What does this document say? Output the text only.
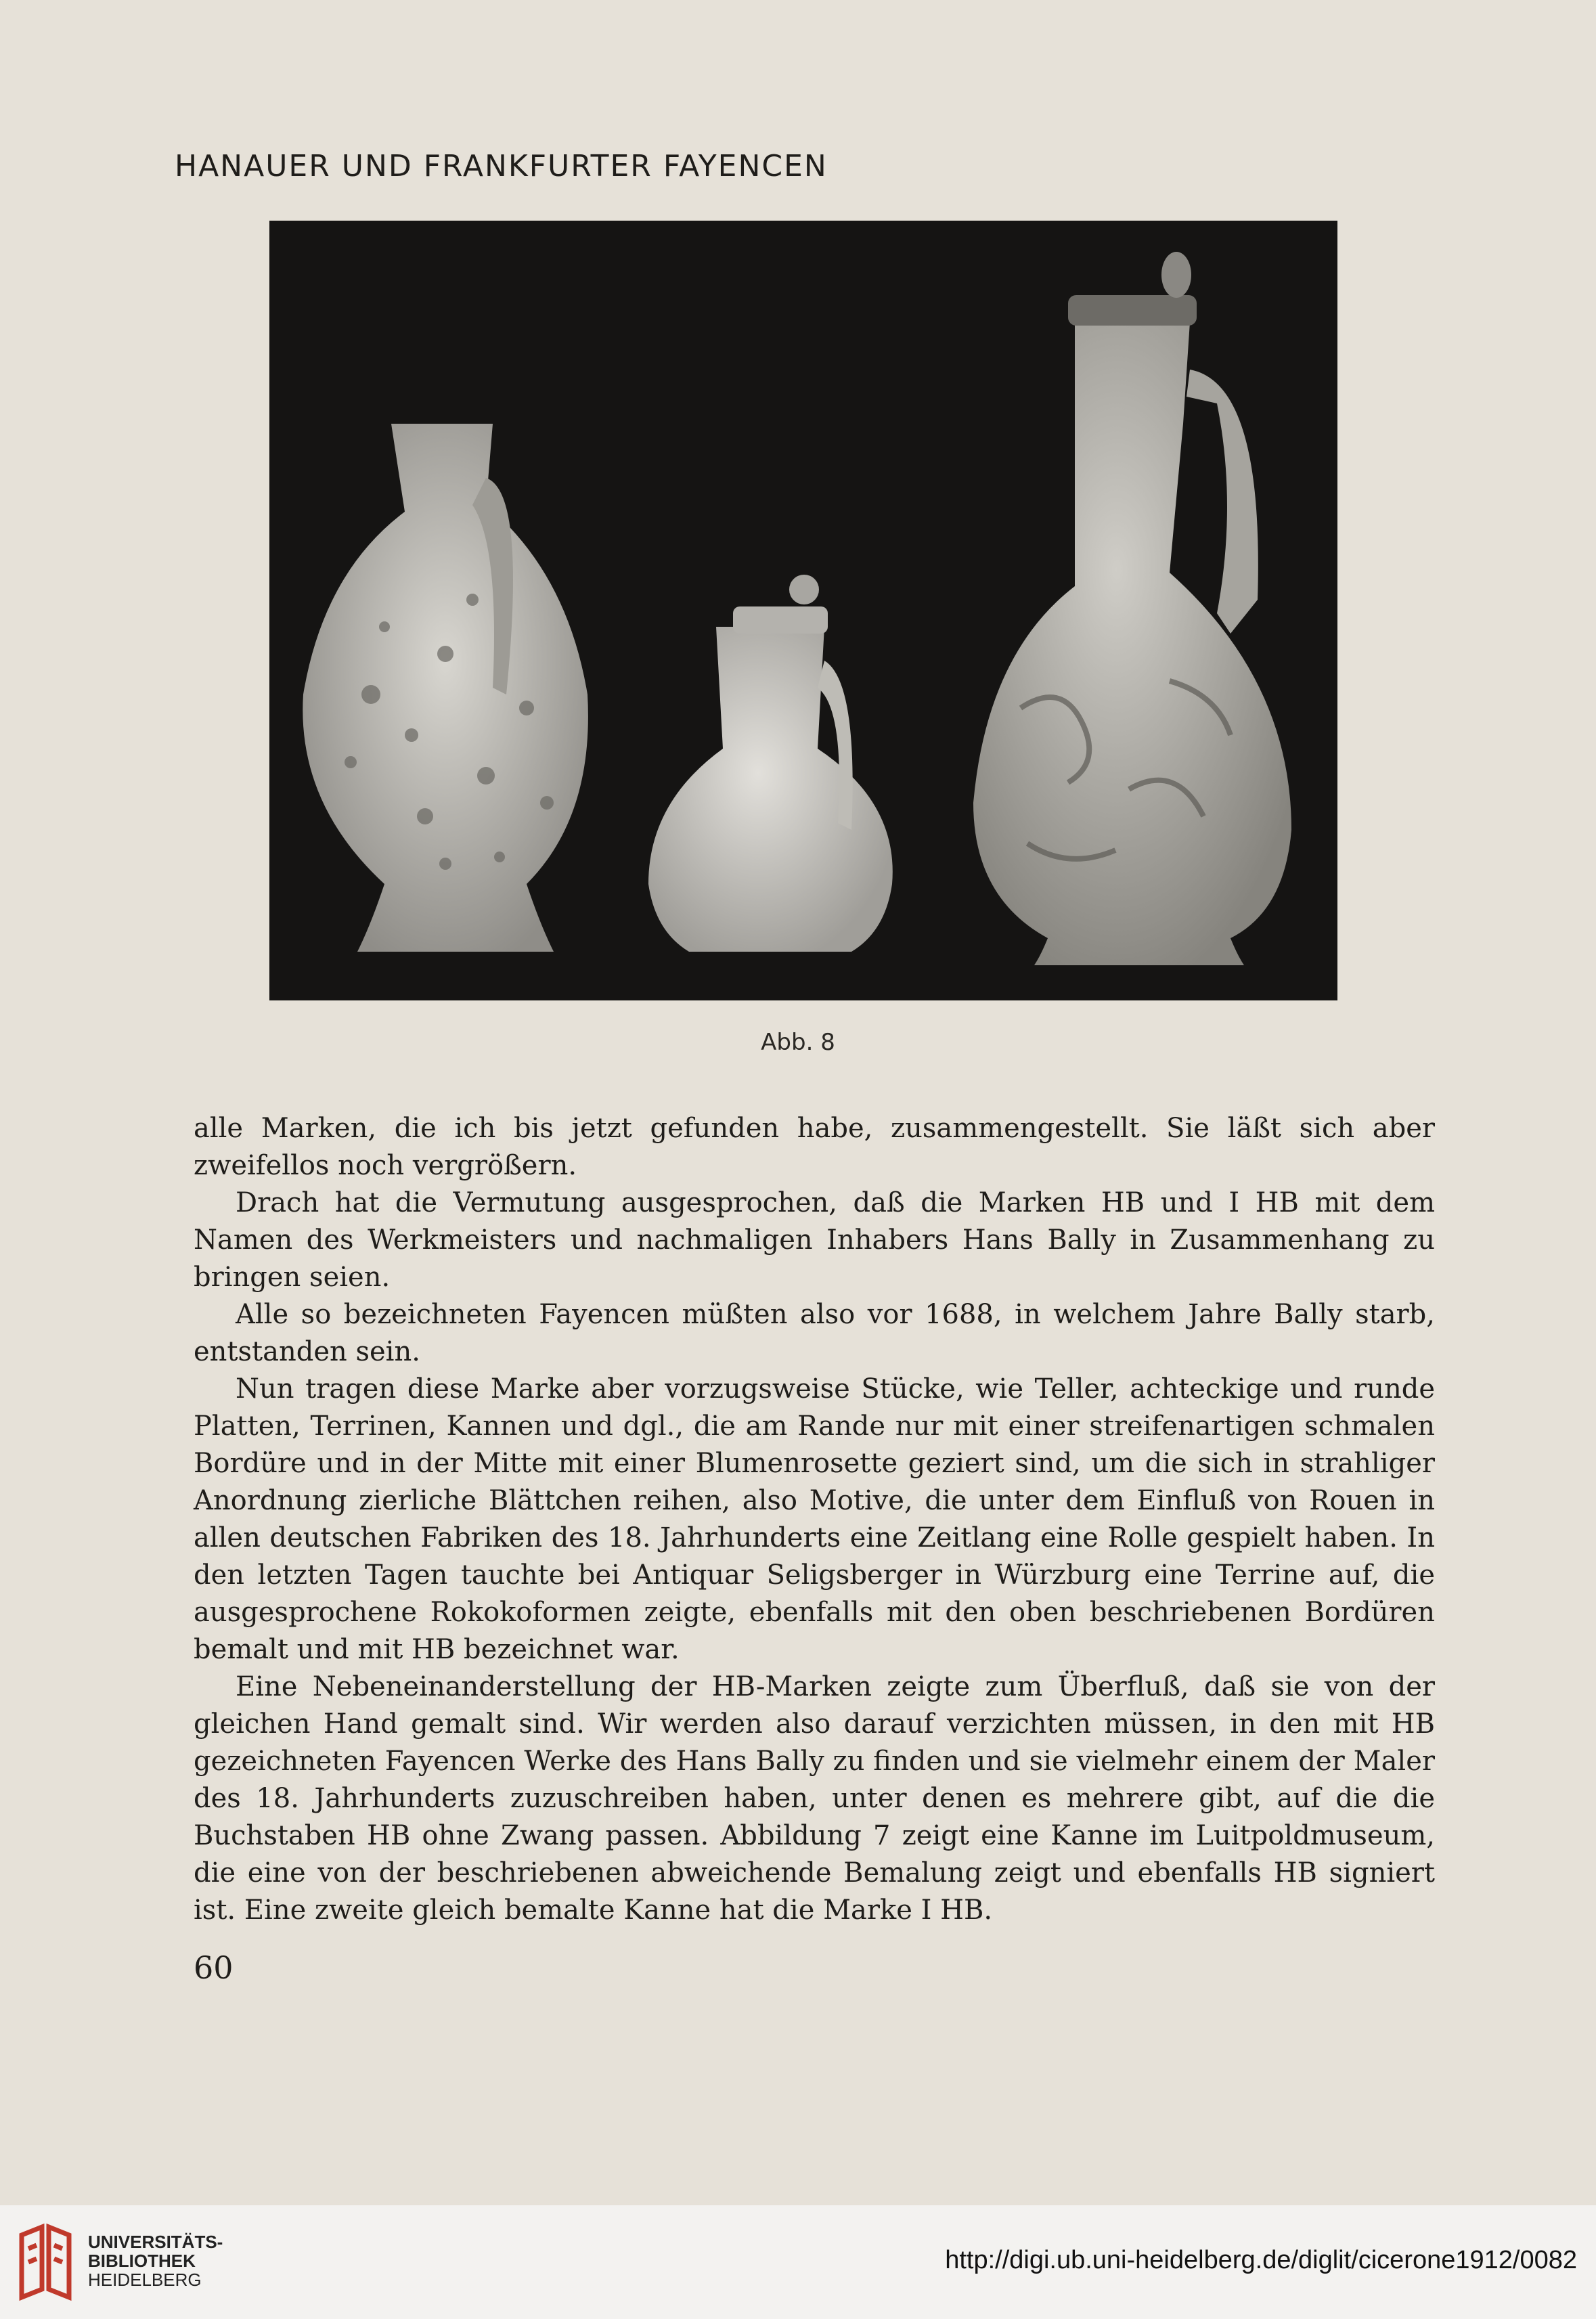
HANAUER UND FRANKFURTER FAYENCEN
Abb. 8

alle Marken, die ich bis jetzt gefunden habe, zusammengestellt. Sie läßt sich aber zweifellos noch vergrößern.

Drach hat die Vermutung ausgesprochen, daß die Marken HB und I HB mit dem Namen des Werkmeisters und nachmaligen Inhabers Hans Bally in Zusammenhang zu bringen seien.

Alle so bezeichneten Fayencen müßten also vor 1688, in welchem Jahre Bally starb, entstanden sein.

Nun tragen diese Marke aber vorzugsweise Stücke, wie Teller, achteckige und runde Platten, Terrinen, Kannen und dgl., die am Rande nur mit einer streifenartigen schmalen Bordüre und in der Mitte mit einer Blumenrosette geziert sind, um die sich in strahliger Anordnung zierliche Blättchen reihen, also Motive, die unter dem Einfluß von Rouen in allen deutschen Fabriken des 18. Jahrhunderts eine Zeitlang eine Rolle gespielt haben. In den letzten Tagen tauchte bei Antiquar Seligsberger in Würzburg eine Terrine auf, die ausgesprochene Rokokoformen zeigte, ebenfalls mit den oben beschriebenen Bordüren bemalt und mit HB bezeichnet war.

Eine Nebeneinanderstellung der HB-Marken zeigte zum Überfluß, daß sie von der gleichen Hand gemalt sind. Wir werden also darauf verzichten müssen, in den mit HB gezeichneten Fayencen Werke des Hans Bally zu finden und sie vielmehr einem der Maler des 18. Jahrhunderts zuzuschreiben haben, unter denen es mehrere gibt, auf die die Buchstaben HB ohne Zwang passen. Abbildung 7 zeigt eine Kanne im Luitpoldmuseum, die eine von der beschriebenen abweichende Bemalung zeigt und ebenfalls HB signiert ist. Eine zweite gleich bemalte Kanne hat die Marke I HB.

60
UNIVERSITÄTS-
BIBLIOTHEK
HEIDELBERG
http://digi.ub.uni-heidelberg.de/diglit/cicerone1912/0082
